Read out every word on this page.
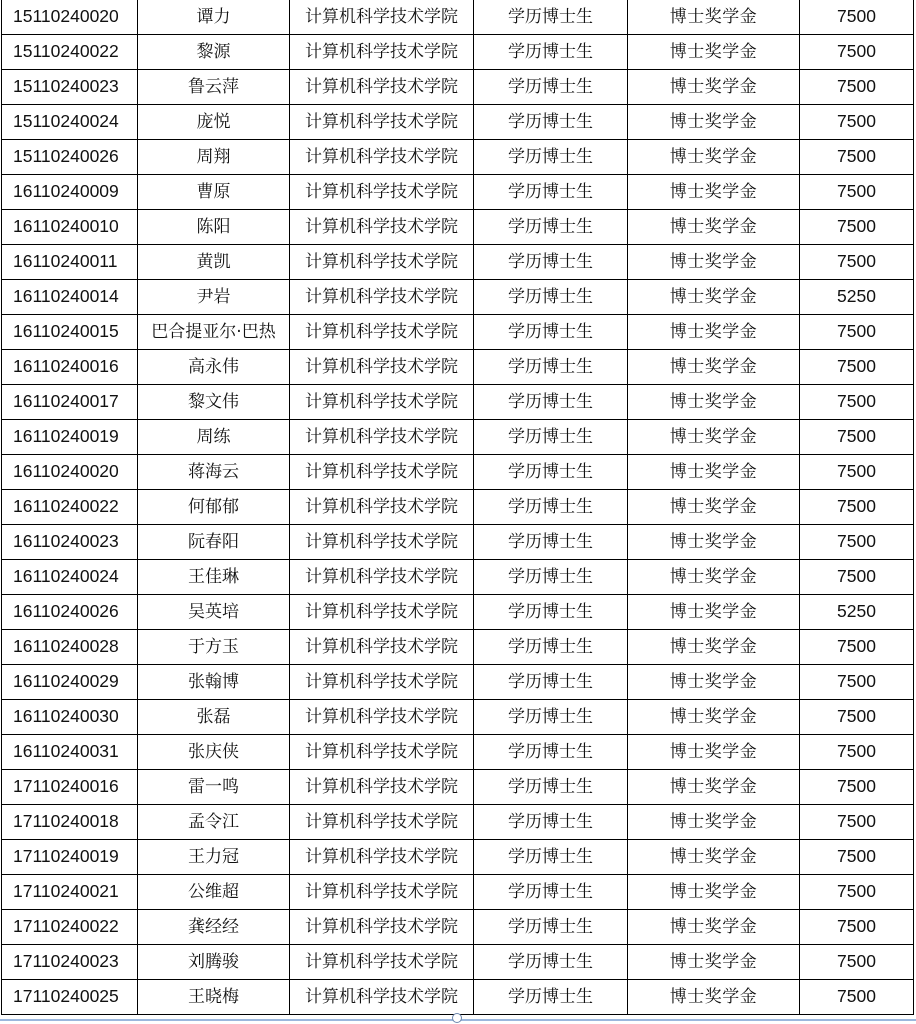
15110240020	谭力	计算机科学技术学院	学历博士生	博士奖学金	7500
15110240022	黎源	计算机科学技术学院	学历博士生	博士奖学金	7500
15110240023	鲁云萍	计算机科学技术学院	学历博士生	博士奖学金	7500
15110240024	庞悦	计算机科学技术学院	学历博士生	博士奖学金	7500
15110240026	周翔	计算机科学技术学院	学历博士生	博士奖学金	7500
16110240009	曹原	计算机科学技术学院	学历博士生	博士奖学金	7500
16110240010	陈阳	计算机科学技术学院	学历博士生	博士奖学金	7500
16110240011	黄凯	计算机科学技术学院	学历博士生	博士奖学金	7500
16110240014	尹岩	计算机科学技术学院	学历博士生	博士奖学金	5250
16110240015	巴合提亚尔·巴热	计算机科学技术学院	学历博士生	博士奖学金	7500
16110240016	高永伟	计算机科学技术学院	学历博士生	博士奖学金	7500
16110240017	黎文伟	计算机科学技术学院	学历博士生	博士奖学金	7500
16110240019	周练	计算机科学技术学院	学历博士生	博士奖学金	7500
16110240020	蒋海云	计算机科学技术学院	学历博士生	博士奖学金	7500
16110240022	何郁郁	计算机科学技术学院	学历博士生	博士奖学金	7500
16110240023	阮春阳	计算机科学技术学院	学历博士生	博士奖学金	7500
16110240024	王佳琳	计算机科学技术学院	学历博士生	博士奖学金	7500
16110240026	吴英培	计算机科学技术学院	学历博士生	博士奖学金	5250
16110240028	于方玉	计算机科学技术学院	学历博士生	博士奖学金	7500
16110240029	张翰博	计算机科学技术学院	学历博士生	博士奖学金	7500
16110240030	张磊	计算机科学技术学院	学历博士生	博士奖学金	7500
16110240031	张庆侠	计算机科学技术学院	学历博士生	博士奖学金	7500
17110240016	雷一鸣	计算机科学技术学院	学历博士生	博士奖学金	7500
17110240018	孟令江	计算机科学技术学院	学历博士生	博士奖学金	7500
17110240019	王力冠	计算机科学技术学院	学历博士生	博士奖学金	7500
17110240021	公维超	计算机科学技术学院	学历博士生	博士奖学金	7500
17110240022	龚经经	计算机科学技术学院	学历博士生	博士奖学金	7500
17110240023	刘腾骏	计算机科学技术学院	学历博士生	博士奖学金	7500
17110240025	王晓梅	计算机科学技术学院	学历博士生	博士奖学金	7500
